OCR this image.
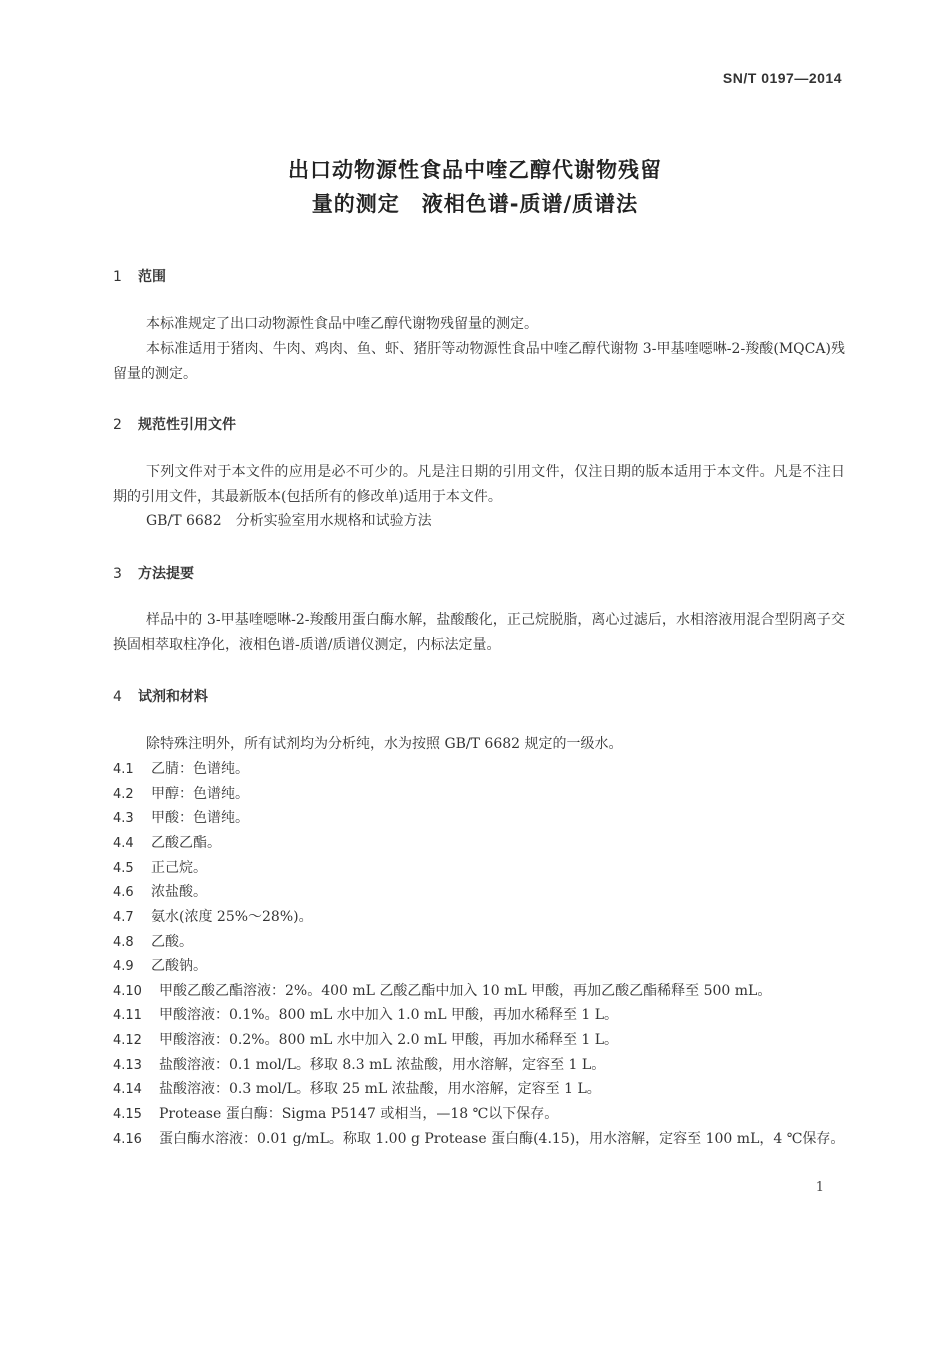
SN/T 0197—2014
出口动物源性食品中喹乙醇代谢物残留
量的测定　液相色谱-质谱/质谱法
1 范围
本标准规定了出口动物源性食品中喹乙醇代谢物残留量的测定。
本标准适用于猪肉、牛肉、鸡肉、鱼、虾、猪肝等动物源性食品中喹乙醇代谢物 3-甲基喹噁啉-2-羧酸(MQCA)残留量的测定。
2 规范性引用文件
下列文件对于本文件的应用是必不可少的。凡是注日期的引用文件，仅注日期的版本适用于本文件。凡是不注日期的引用文件，其最新版本(包括所有的修改单)适用于本文件。
GB/T 6682　分析实验室用水规格和试验方法
3 方法提要
样品中的 3-甲基喹噁啉-2-羧酸用蛋白酶水解，盐酸酸化，正己烷脱脂，离心过滤后，水相溶液用混合型阴离子交换固相萃取柱净化，液相色谱-质谱/质谱仪测定，内标法定量。
4 试剂和材料
除特殊注明外，所有试剂均为分析纯，水为按照 GB/T 6682 规定的一级水。
4.1 乙腈：色谱纯。
4.2 甲醇：色谱纯。
4.3 甲酸：色谱纯。
4.4 乙酸乙酯。
4.5 正己烷。
4.6 浓盐酸。
4.7 氨水(浓度 25%～28%)。
4.8 乙酸。
4.9 乙酸钠。
4.10 甲酸乙酸乙酯溶液：2%。400 mL 乙酸乙酯中加入 10 mL 甲酸，再加乙酸乙酯稀释至 500 mL。
4.11 甲酸溶液：0.1%。800 mL 水中加入 1.0 mL 甲酸，再加水稀释至 1 L。
4.12 甲酸溶液：0.2%。800 mL 水中加入 2.0 mL 甲酸，再加水稀释至 1 L。
4.13 盐酸溶液：0.1 mol/L。移取 8.3 mL 浓盐酸，用水溶解，定容至 1 L。
4.14 盐酸溶液：0.3 mol/L。移取 25 mL 浓盐酸，用水溶解，定容至 1 L。
4.15 Protease 蛋白酶：Sigma P5147 或相当，—18 ℃以下保存。
4.16 蛋白酶水溶液：0.01 g/mL。称取 1.00 g Protease 蛋白酶(4.15)，用水溶解，定容至 100 mL，4 ℃保存。
1
